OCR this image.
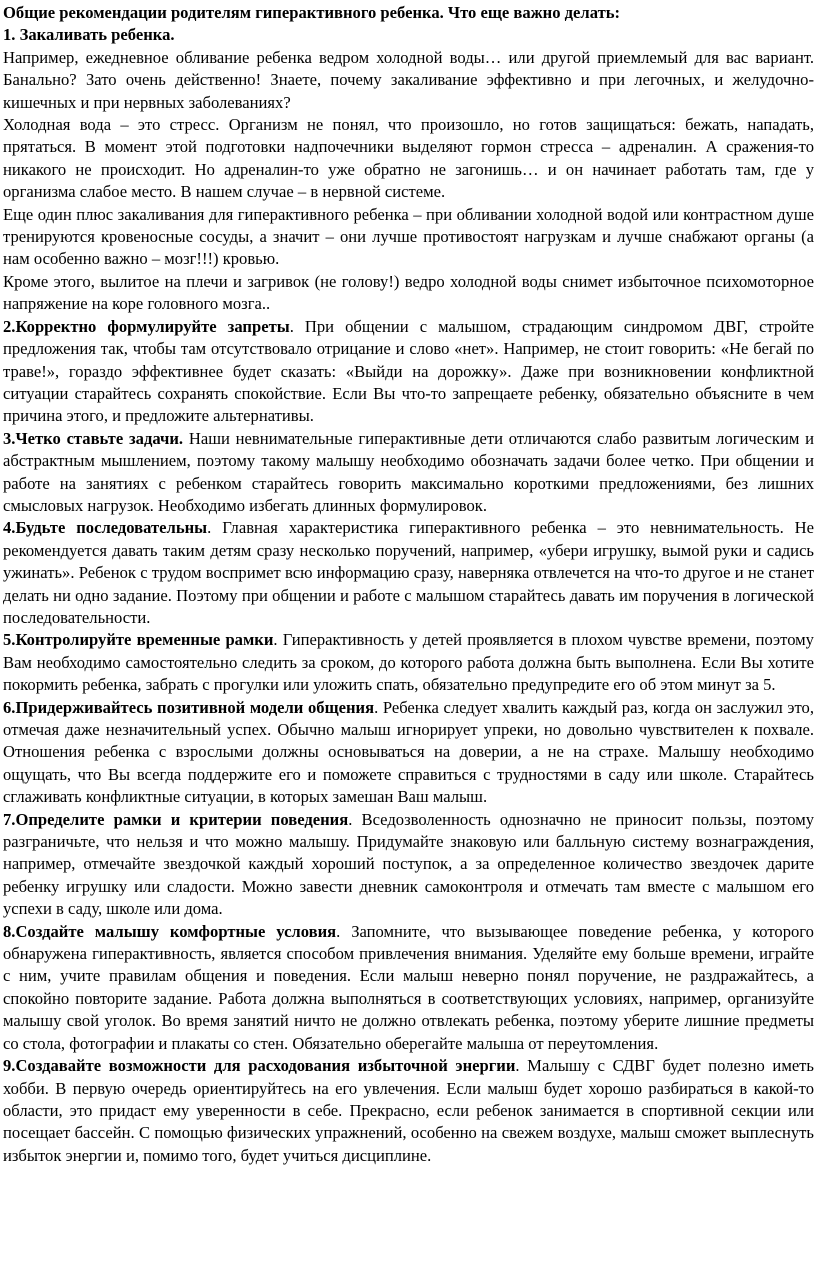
Общие рекомендации родителям гиперактивного ребенка. Что еще важно делать:

1. Закаливать ребенка.

Например, ежедневное обливание ребенка ведром холодной воды… или другой приемлемый для вас вариант. Банально? Зато очень действенно! Знаете, почему закаливание эффективно и при легочных, и желудочно-кишечных и при нервных заболеваниях?

Холодная вода – это стресс. Организм не понял, что произошло, но готов защищаться: бежать, нападать, прятаться. В момент этой подготовки надпочечники выделяют гормон стресса – адреналин. А сражения-то никакого не происходит. Но адреналин-то уже обратно не загонишь… и он начинает работать там, где у организма слабое место. В нашем случае – в нервной системе.

Еще один плюс закаливания для гиперактивного ребенка – при обливании холодной водой или контрастном душе тренируются кровеносные сосуды, а значит – они лучше противостоят нагрузкам и лучше снабжают органы (а нам особенно важно – мозг!!!) кровью.

Кроме этого, вылитое на плечи и загривок (не голову!) ведро холодной воды снимет избыточное психомоторное напряжение на коре головного мозга..

2.Корректно формулируйте запреты. При общении с малышом, страдающим синдромом ДВГ, стройте предложения так, чтобы там отсутствовало отрицание и слово «нет». Например, не стоит говорить: «Не бегай по траве!», гораздо эффективнее будет сказать: «Выйди на дорожку». Даже при возникновении конфликтной ситуации старайтесь сохранять спокойствие. Если Вы что-то запрещаете ребенку, обязательно объясните в чем причина этого, и предложите альтернативы.

3.Четко ставьте задачи. Наши невнимательные гиперактивные дети отличаются слабо развитым логическим и абстрактным мышлением, поэтому такому малышу необходимо обозначать задачи более четко. При общении и работе на занятиях с ребенком старайтесь говорить максимально короткими предложениями, без лишних смысловых нагрузок. Необходимо избегать длинных формулировок.

4.Будьте последовательны. Главная характеристика гиперактивного ребенка – это невнимательность. Не рекомендуется давать таким детям сразу несколько поручений, например, «убери игрушку, вымой руки и садись ужинать». Ребенок с трудом воспримет всю информацию сразу, наверняка отвлечется на что-то другое и не станет делать ни одно задание. Поэтому при общении и работе с малышом старайтесь давать им поручения в логической последовательности.

5.Контролируйте временные рамки. Гиперактивность у детей проявляется в плохом чувстве времени, поэтому Вам необходимо самостоятельно следить за сроком, до которого работа должна быть выполнена. Если Вы хотите покормить ребенка, забрать с прогулки или уложить спать, обязательно предупредите его об этом минут за 5.

6.Придерживайтесь позитивной модели общения. Ребенка следует хвалить каждый раз, когда он заслужил это, отмечая даже незначительный успех. Обычно малыш игнорирует упреки, но довольно чувствителен к похвале. Отношения ребенка с взрослыми должны основываться на доверии, а не на страхе. Малышу необходимо ощущать, что Вы всегда поддержите его и поможете справиться с трудностями в саду или школе. Старайтесь сглаживать конфликтные ситуации, в которых замешан Ваш малыш.

7.Определите рамки и критерии поведения. Вседозволенность однозначно не приносит пользы, поэтому разграничьте, что нельзя и что можно малышу. Придумайте знаковую или балльную систему вознаграждения, например, отмечайте звездочкой каждый хороший поступок, а за определенное количество звездочек дарите ребенку игрушку или сладости. Можно завести дневник самоконтроля и отмечать там вместе с малышом его успехи в саду, школе или дома.

8.Создайте малышу комфортные условия. Запомните, что вызывающее поведение ребенка, у которого обнаружена гиперактивность, является способом привлечения внимания. Уделяйте ему больше времени, играйте с ним, учите правилам общения и поведения. Если малыш неверно понял поручение, не раздражайтесь, а спокойно повторите задание. Работа должна выполняться в соответствующих условиях, например, организуйте малышу свой уголок. Во время занятий ничто не должно отвлекать ребенка, поэтому уберите лишние предметы со стола, фотографии и плакаты со стен. Обязательно оберегайте малыша от переутомления.

9.Создавайте возможности для расходования избыточной энергии. Малышу с СДВГ будет полезно иметь хобби. В первую очередь ориентируйтесь на его увлечения. Если малыш будет хорошо разбираться в какой-то области, это придаст ему уверенности в себе. Прекрасно, если ребенок занимается в спортивной секции или посещает бассейн. С помощью физических упражнений, особенно на свежем воздухе, малыш сможет выплеснуть избыток энергии и, помимо того, будет учиться дисциплине.
